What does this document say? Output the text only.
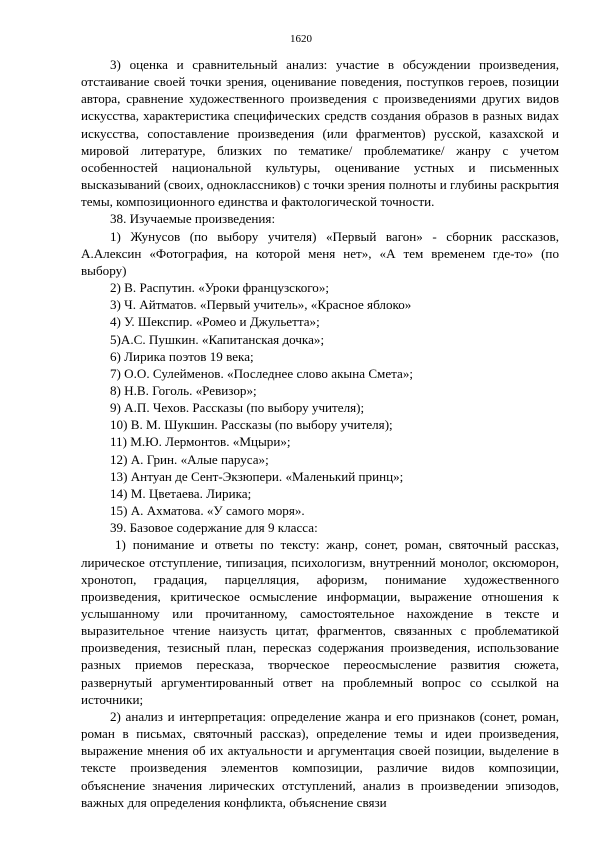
1620

3) оценка и сравнительный анализ: участие в обсуждении произведения, отстаивание своей точки зрения, оценивание поведения, поступков героев, позиции автора, сравнение художественного произведения с произведениями других видов искусства, характеристика специфических средств создания образов в разных видах искусства, сопоставление произведения (или фрагментов) русской, казахской и мировой литературе, близких по тематике/ проблематике/ жанру с учетом особенностей национальной культуры, оценивание устных и письменных высказываний (своих, одноклассников) с точки зрения полноты и глубины раскрытия темы, композиционного единства и фактологической точности.

38. Изучаемые произведения:

1) Жунусов (по выбору учителя) «Первый вагон» - сборник рассказов, А.Алексин «Фотография, на которой меня нет», «А тем временем где-то» (по выбору)

2) В. Распутин. «Уроки французского»;

3) Ч. Айтматов. «Первый учитель», «Красное яблоко»

4) У. Шекспир. «Ромео и Джульетта»;

5)А.С. Пушкин. «Капитанская дочка»;

6) Лирика поэтов 19 века;

7) О.О. Сулейменов. «Последнее слово акына Смета»;

8) Н.В. Гоголь. «Ревизор»;

9) А.П. Чехов. Рассказы (по выбору учителя);

10) В. М. Шукшин. Рассказы (по выбору учителя);

11) М.Ю. Лермонтов. «Мцыри»;

12) А. Грин. «Алые паруса»;

13) Антуан де Сент-Экзюпери. «Маленький принц»;

14) М. Цветаева. Лирика;

15) А. Ахматова. «У самого моря».

39. Базовое содержание для 9 класса:

1) понимание и ответы по тексту: жанр, сонет, роман, святочный рассказ, лирическое отступление, типизация, психологизм, внутренний монолог, оксюморон, хронотоп, градация, парцелляция, афоризм, понимание художественного произведения, критическое осмысление информации, выражение отношения к услышанному или прочитанному, самостоятельное нахождение в тексте и выразительное чтение наизусть цитат, фрагментов, связанных с проблематикой произведения, тезисный план, пересказ содержания произведения, использование разных приемов пересказа, творческое переосмысление развития сюжета, развернутый аргументированный ответ на проблемный вопрос со ссылкой на источники;

2) анализ и интерпретация: определение жанра и его признаков (сонет, роман, роман в письмах, святочный рассказ), определение темы и идеи произведения, выражение мнения об их актуальности и аргументация своей позиции, выделение в тексте произведения элементов композиции, различие видов композиции, объяснение значения лирических отступлений, анализ в произведении эпизодов, важных для определения конфликта, объяснение связи
